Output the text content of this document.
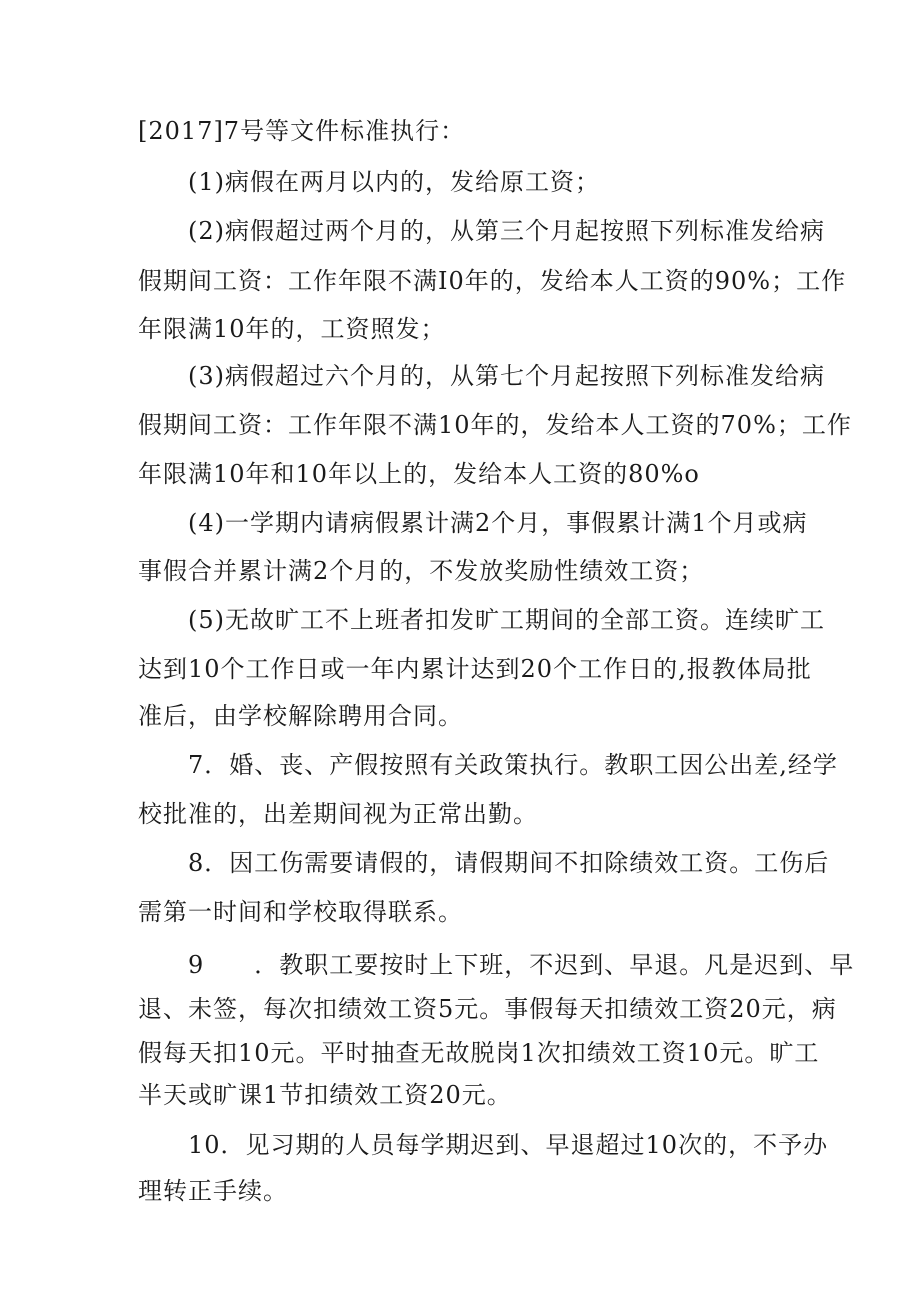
[2017]7号等文件标准执行：
(1)病假在两月以内的，发给原工资；
(2)病假超过两个月的，从第三个月起按照下列标准发给病
假期间工资：工作年限不满I0年的，发给本人工资的90%；工作
年限满10年的，工资照发；
(3)病假超过六个月的，从第七个月起按照下列标准发给病
假期间工资：工作年限不满10年的，发给本人工资的70%；工作
年限满10年和10年以上的，发给本人工资的80%o
(4)一学期内请病假累计满2个月，事假累计满1个月或病
事假合并累计满2个月的，不发放奖励性绩效工资；
(5)无故旷工不上班者扣发旷工期间的全部工资。连续旷工
达到10个工作日或一年内累计达到20个工作日的,报教体局批
准后，由学校解除聘用合同。
7．婚、丧、产假按照有关政策执行。教职工因公出差,经学
校批准的，出差期间视为正常出勤。
8．因工伤需要请假的，请假期间不扣除绩效工资。工伤后
需第一时间和学校取得联系。
9　　．教职工要按时上下班，不迟到、早退。凡是迟到、早
退、未签，每次扣绩效工资5元。事假每天扣绩效工资20元，病
假每天扣10元。平时抽查无故脱岗1次扣绩效工资10元。旷工
半天或旷课1节扣绩效工资20元。
10．见习期的人员每学期迟到、早退超过10次的，不予办
理转正手续。
